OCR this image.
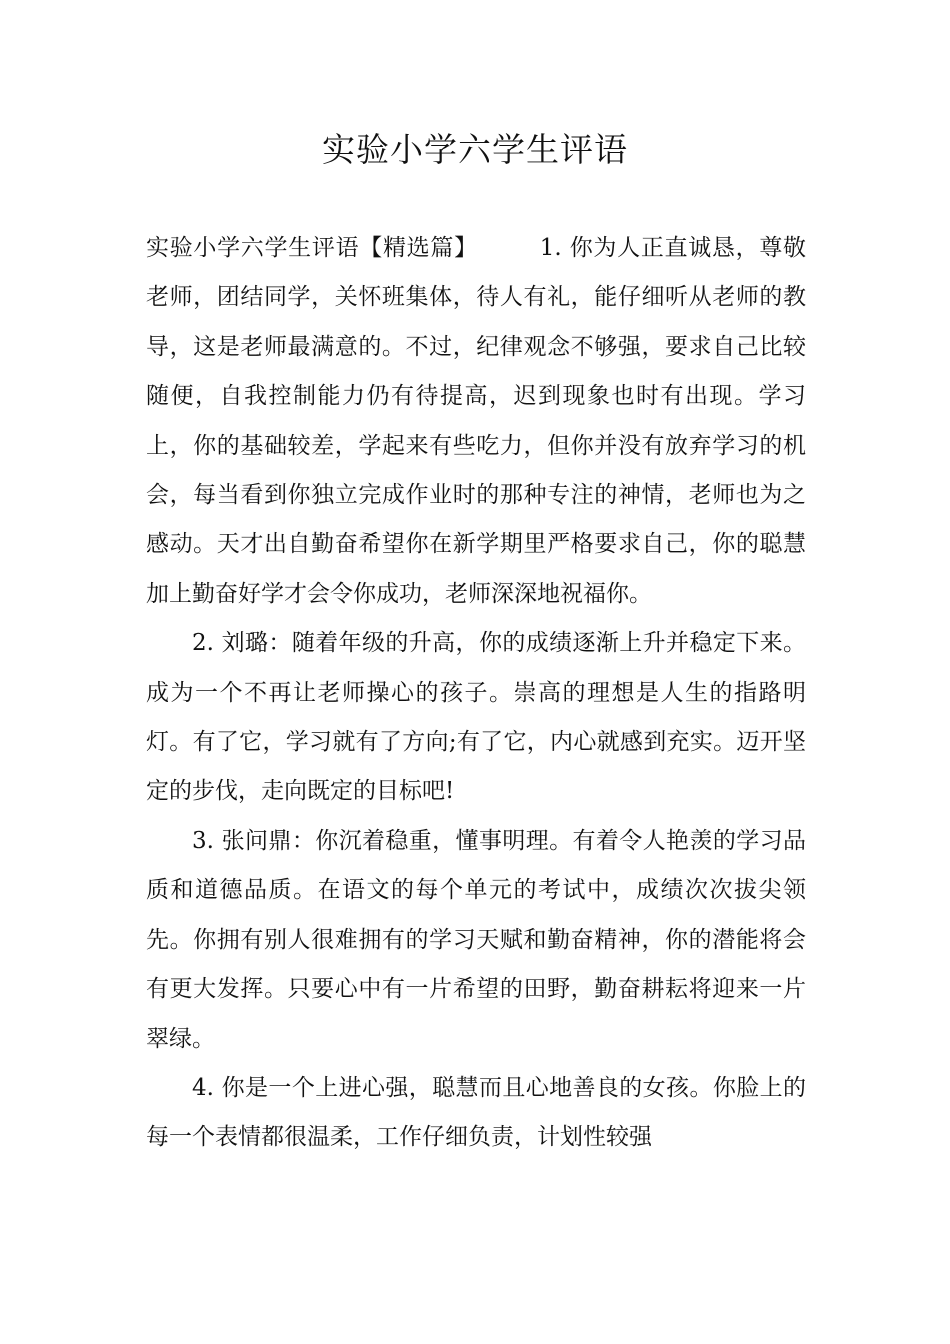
实验小学六学生评语

实验小学六学生评语【精选篇】	1. 你为人正直诚恳，尊敬老师，团结同学，关怀班集体，待人有礼，能仔细听从老师的教导，这是老师最满意的。不过，纪律观念不够强，要求自己比较随便，自我控制能力仍有待提高，迟到现象也时有出现。学习上，你的基础较差，学起来有些吃力，但你并没有放弃学习的机会，每当看到你独立完成作业时的那种专注的神情，老师也为之感动。天才出自勤奋希望你在新学期里严格要求自己，你的聪慧加上勤奋好学才会令你成功，老师深深地祝福你。

2. 刘璐：随着年级的升高，你的成绩逐渐上升并稳定下来。成为一个不再让老师操心的孩子。崇高的理想是人生的指路明灯。有了它，学习就有了方向;有了它，内心就感到充实。迈开坚定的步伐，走向既定的目标吧!

3. 张问鼎：你沉着稳重，懂事明理。有着令人艳羡的学习品质和道德品质。在语文的每个单元的考试中，成绩次次拔尖领先。你拥有别人很难拥有的学习天赋和勤奋精神，你的潜能将会有更大发挥。只要心中有一片希望的田野，勤奋耕耘将迎来一片翠绿。

4. 你是一个上进心强，聪慧而且心地善良的女孩。你脸上的每一个表情都很温柔，工作仔细负责，计划性较强
